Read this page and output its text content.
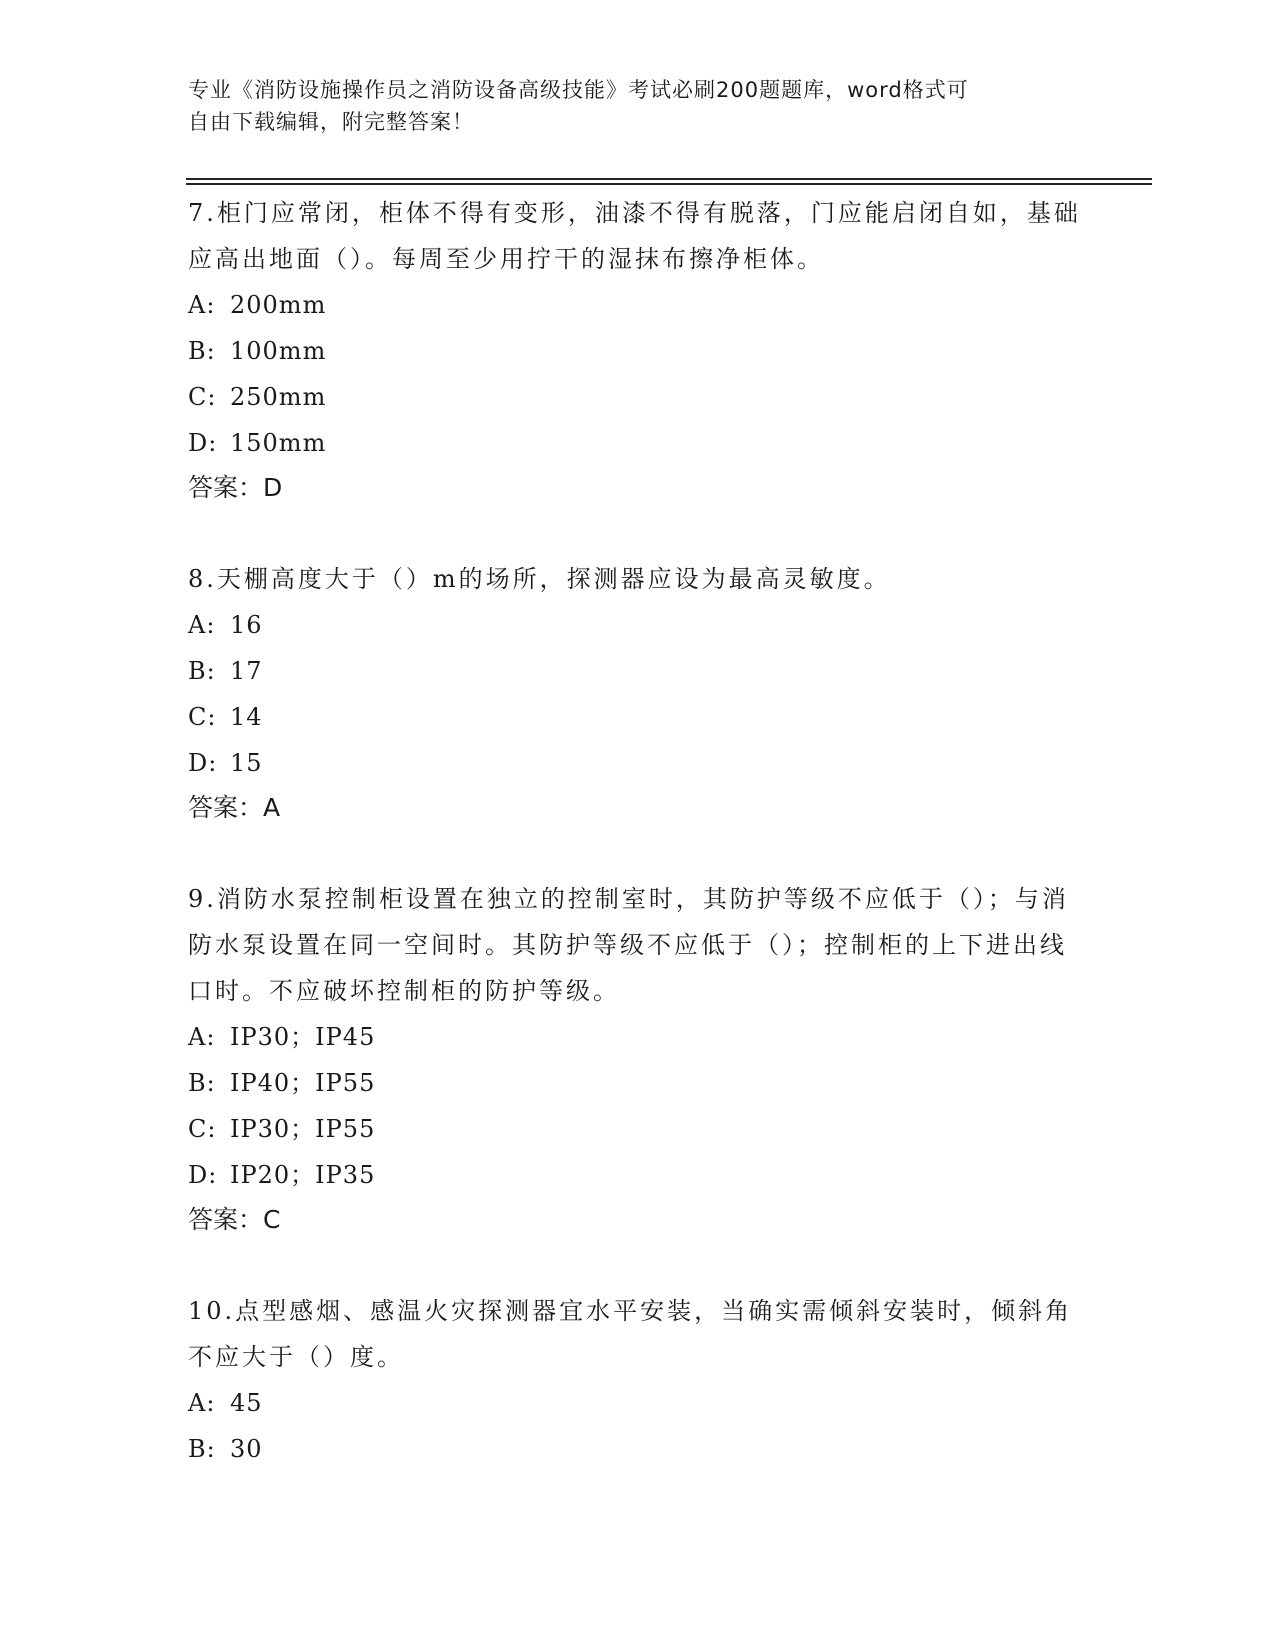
专业《消防设施操作员之消防设备高级技能》考试必刷200题题库，word格式可
自由下载编辑，附完整答案！

7.柜门应常闭，柜体不得有变形，油漆不得有脱落，门应能启闭自如，基础应高出地面（）。每周至少用拧干的湿抹布擦净柜体。

A: 200mm

B: 100mm

C: 250mm

D: 150mm

答案：D

8.天棚高度大于（）m的场所，探测器应设为最高灵敏度。

A: 16

B: 17

C: 14

D: 15

答案：A

9.消防水泵控制柜设置在独立的控制室时，其防护等级不应低于（）；与消防水泵设置在同一空间时。其防护等级不应低于（）；控制柜的上下进出线口时。不应破坏控制柜的防护等级。

A: IP30；IP45

B: IP40；IP55

C: IP30；IP55

D: IP20；IP35

答案：C

10.点型感烟、感温火灾探测器宜水平安装，当确实需倾斜安装时，倾斜角不应大于（）度。

A: 45

B: 30
